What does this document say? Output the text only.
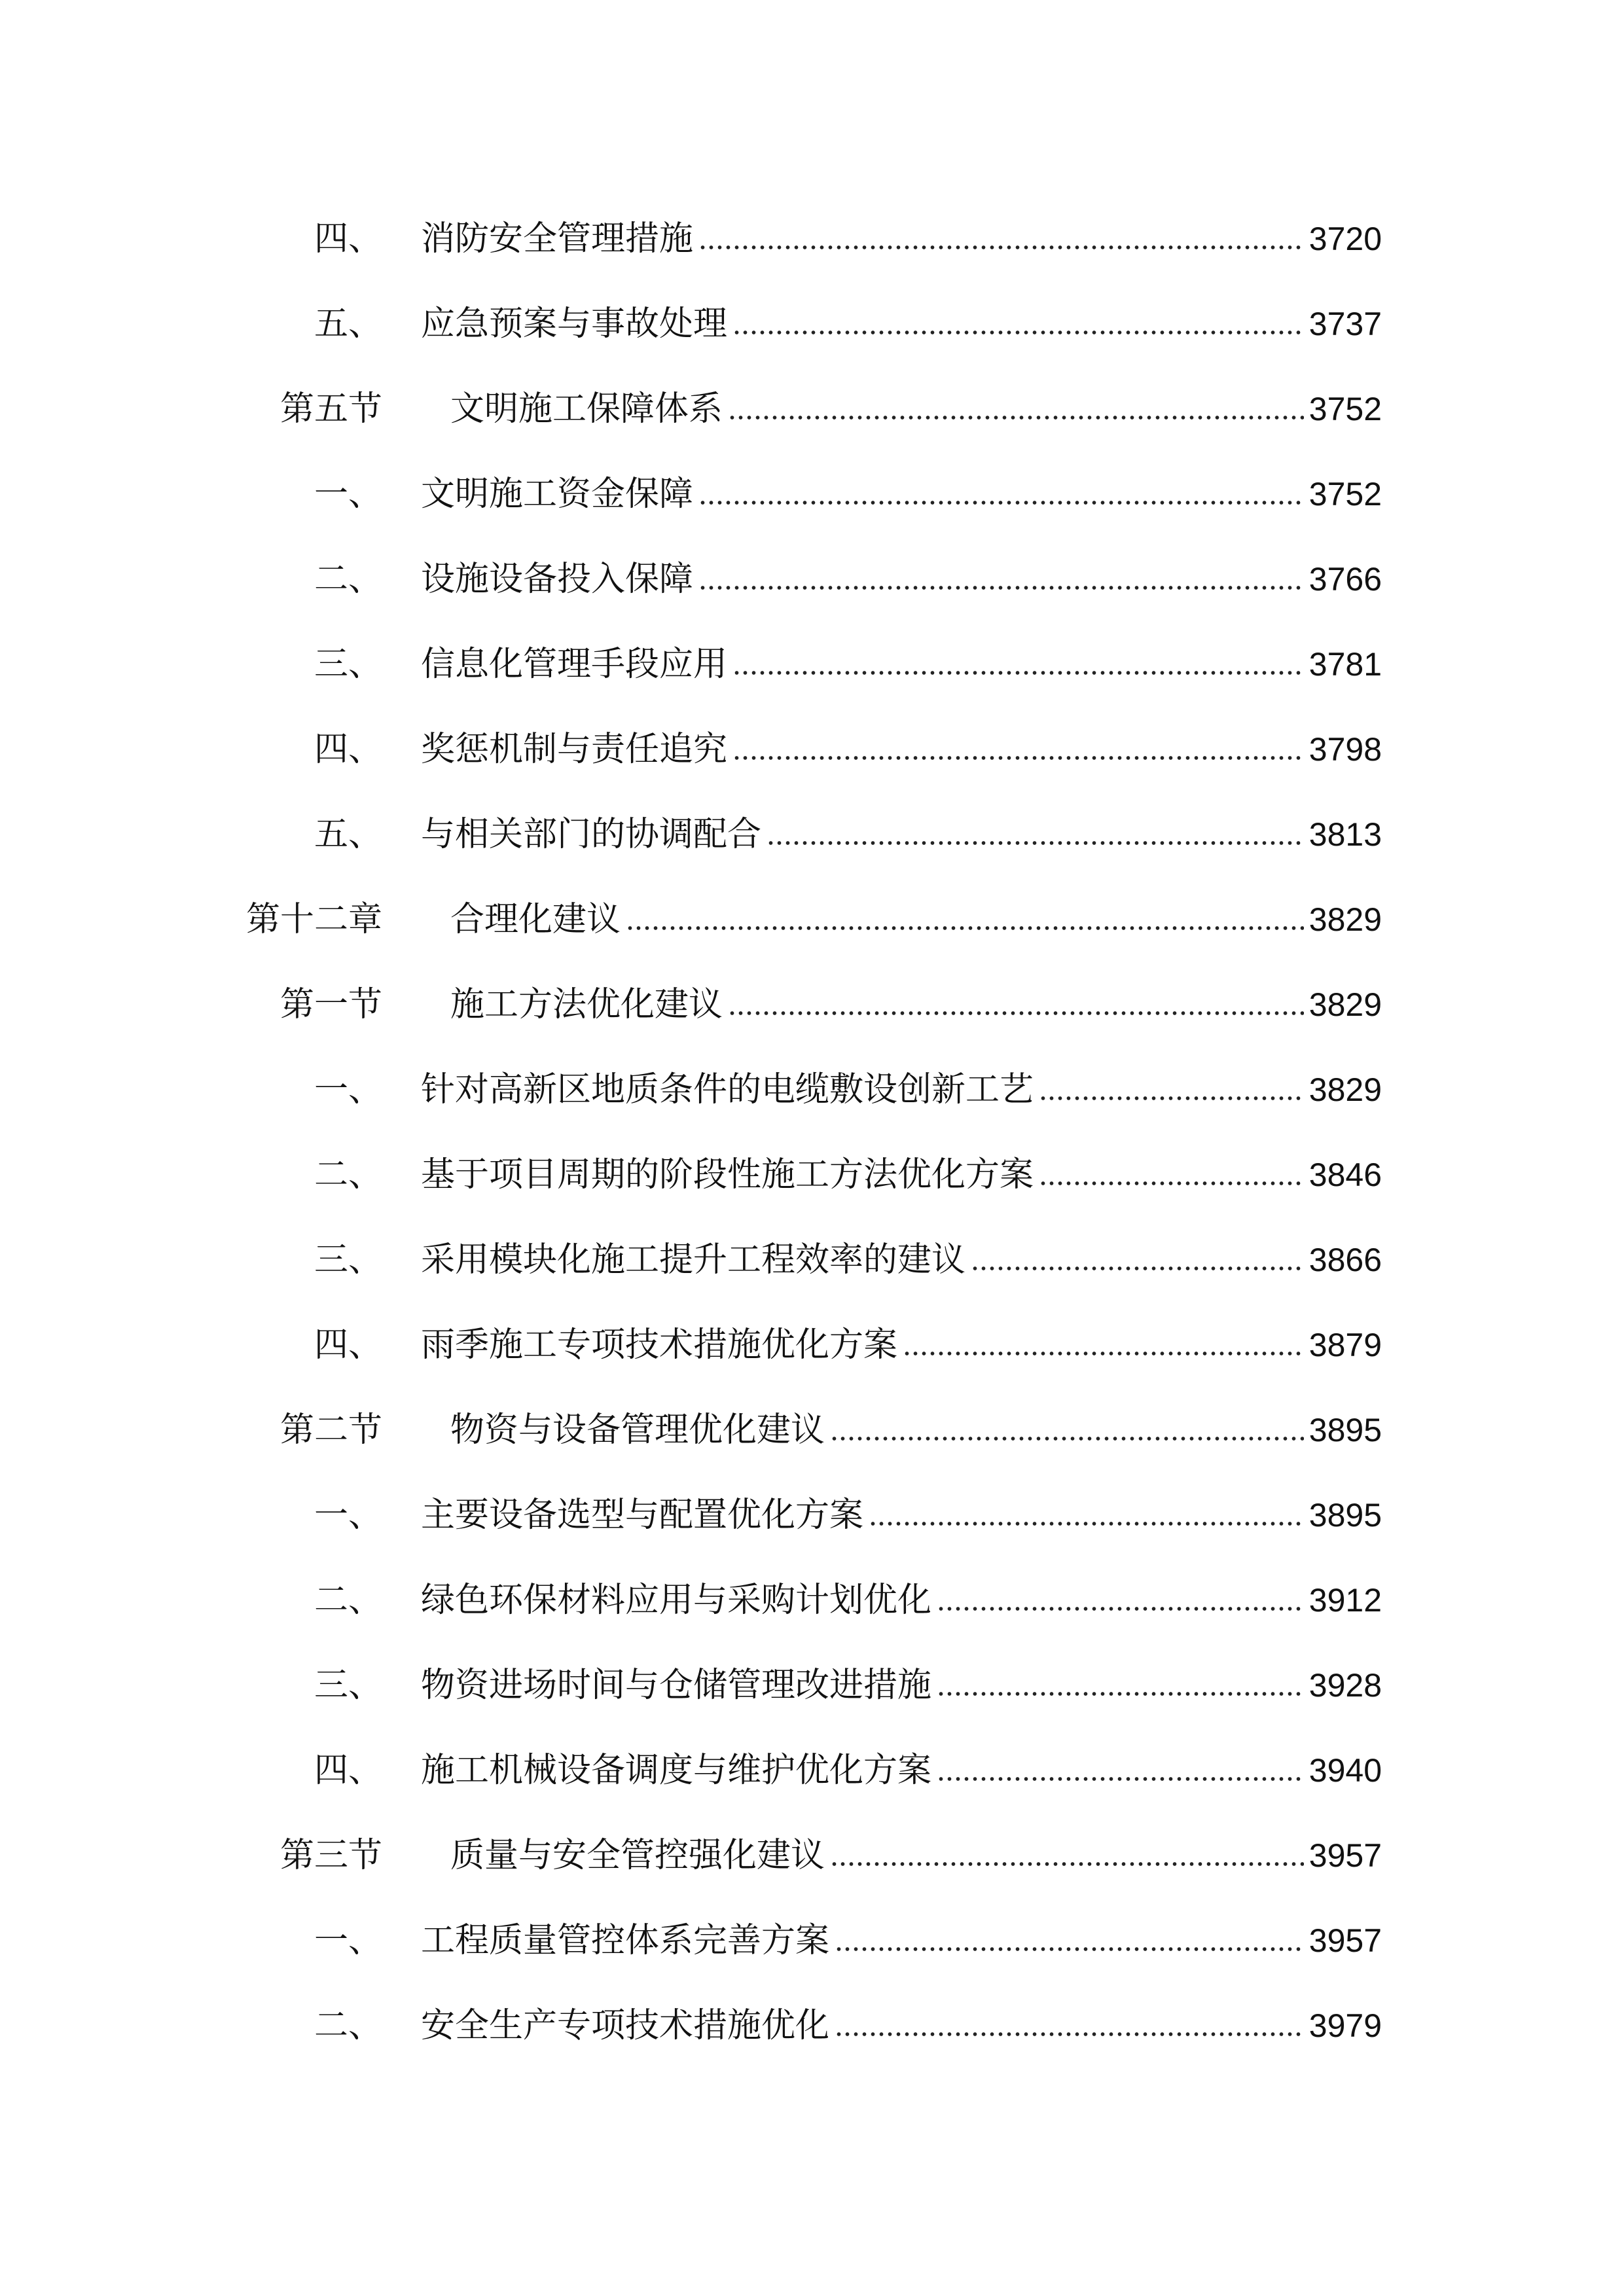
四、	消防安全管理措施	3720
五、	应急预案与事故处理	3737
第五节	文明施工保障体系	3752
一、	文明施工资金保障	3752
二、	设施设备投入保障	3766
三、	信息化管理手段应用	3781
四、	奖惩机制与责任追究	3798
五、	与相关部门的协调配合	3813
第十二章	合理化建议	3829
第一节	施工方法优化建议	3829
一、	针对高新区地质条件的电缆敷设创新工艺	3829
二、	基于项目周期的阶段性施工方法优化方案	3846
三、	采用模块化施工提升工程效率的建议	3866
四、	雨季施工专项技术措施优化方案	3879
第二节	物资与设备管理优化建议	3895
一、	主要设备选型与配置优化方案	3895
二、	绿色环保材料应用与采购计划优化	3912
三、	物资进场时间与仓储管理改进措施	3928
四、	施工机械设备调度与维护优化方案	3940
第三节	质量与安全管控强化建议	3957
一、	工程质量管控体系完善方案	3957
二、	安全生产专项技术措施优化	3979
